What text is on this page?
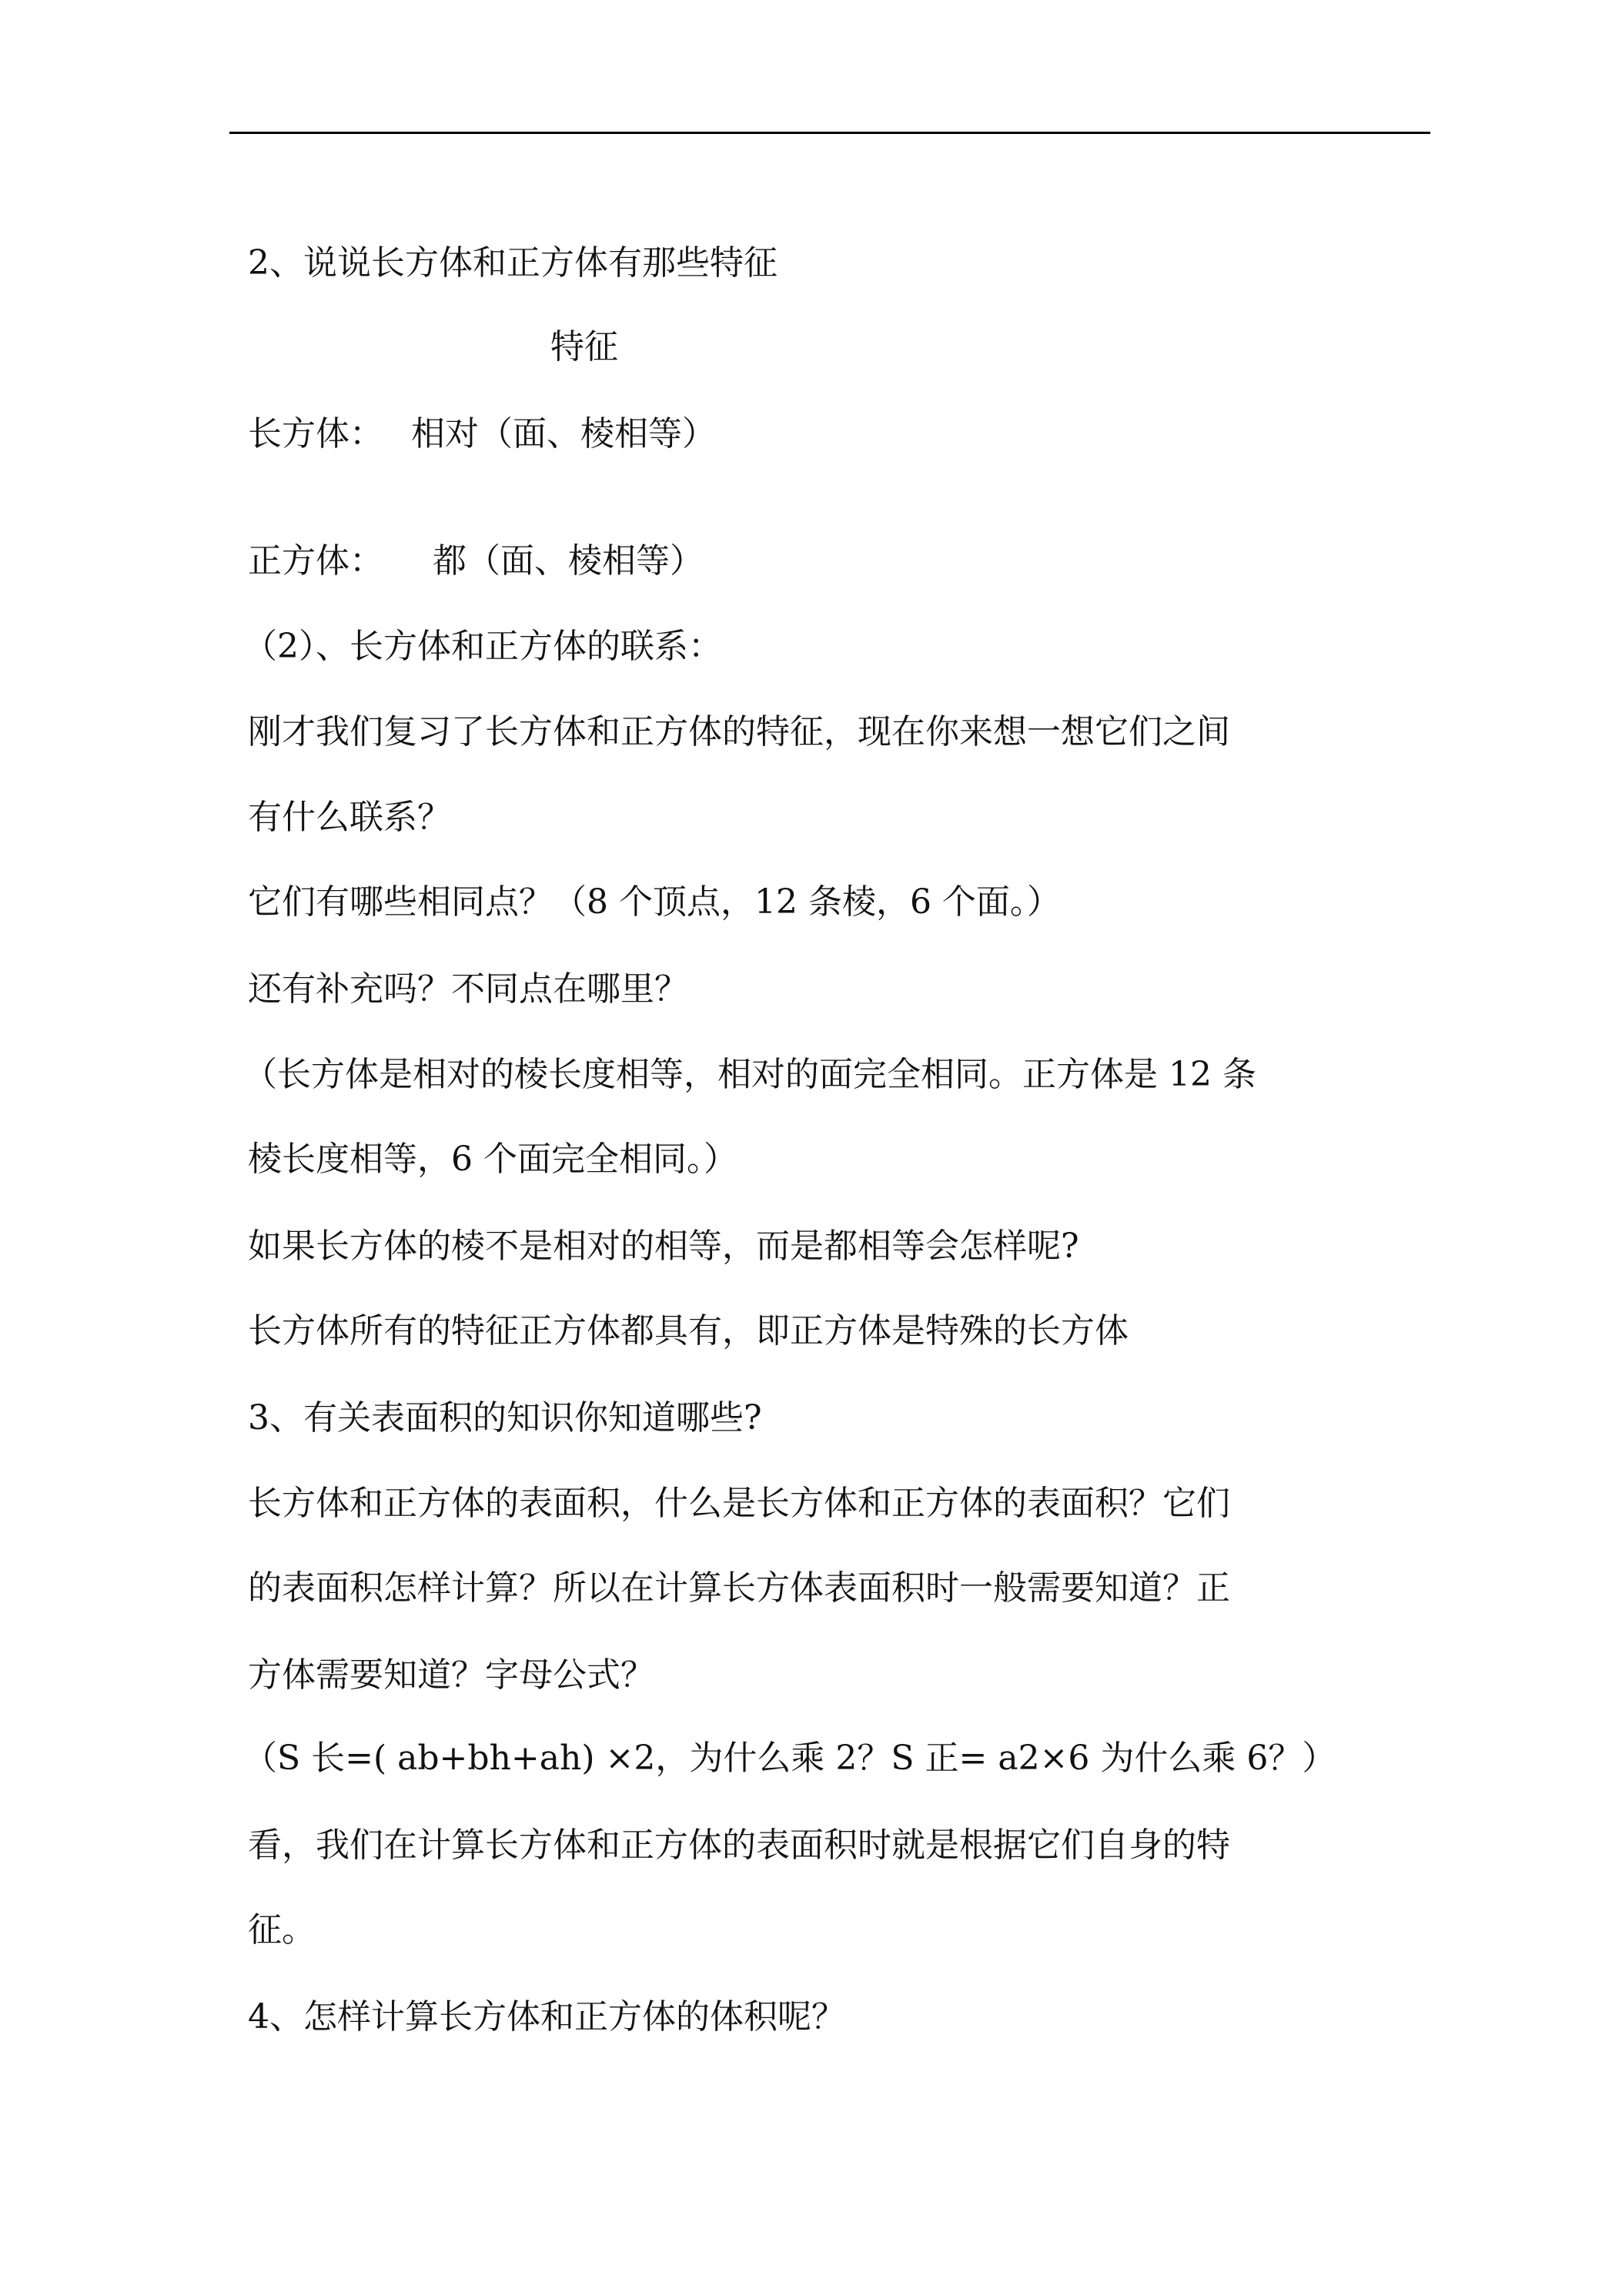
2、说说长方体和正方体有那些特征
特征
长方体： 相对（面、棱相等）
正方体： 都（面、棱相等）
（2）、长方体和正方体的联系：
刚才我们复习了长方体和正方体的特征，现在你来想一想它们之间
有什么联系？
它们有哪些相同点？（8 个顶点，12 条棱，6 个面。）
还有补充吗？不同点在哪里？
（长方体是相对的棱长度相等，相对的面完全相同。正方体是 12 条
棱长度相等，6 个面完全相同。）
如果长方体的棱不是相对的相等，而是都相等会怎样呢?
长方体所有的特征正方体都具有，即正方体是特殊的长方体
3、有关表面积的知识你知道哪些?
长方体和正方体的表面积，什么是长方体和正方体的表面积？它们
的表面积怎样计算？所以在计算长方体表面积时一般需要知道？正
方体需要知道？字母公式？
（S 长=( ab+bh+ah) ×2，为什么乘 2？S 正= a2×6 为什么乘 6？）
看，我们在计算长方体和正方体的表面积时就是根据它们自身的特
征。
4、怎样计算长方体和正方体的体积呢？
